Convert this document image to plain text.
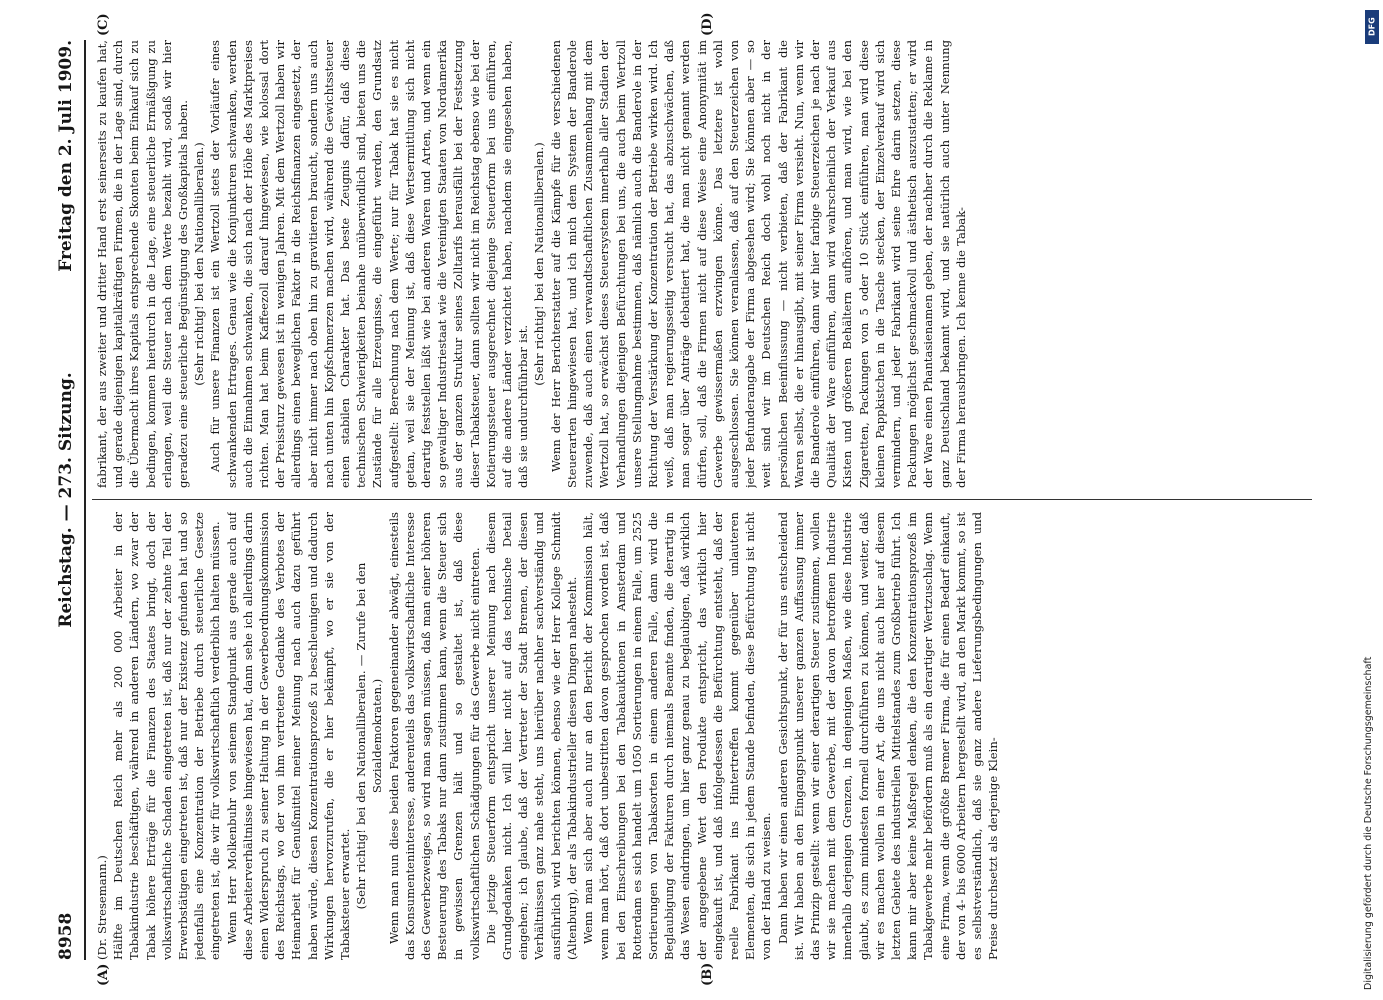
8958
Reichstag. — 273. Sitzung.
Freitag den 2. Juli 1909.
(A)	(B)
(C)	(D)

(Dr. Stresemann.) Hälfte im Deutschen Reich mehr als 200 000 Arbeiter in der Tabakindustrie beschäftigen, während in anderen Ländern, wo zwar der Tabak höhere Erträge für die Finanzen des Staates bringt, doch der volkswirtschaftliche Schaden eingetreten ist, daß nur der zehnte Teil der Erwerbstätigen eingetreten ist, daß nur der Existenz gefunden hat und so jedenfalls eine Konzentration der Betriebe durch steuerliche Gesetze eingetreten ist, die wir für volkswirtschaftlich verderblich halten müssen. Wenn Herr Molkenbuhr von seinem Standpunkt aus gerade auch auf diese Arbeiterverhältnisse hingewiesen hat, dann sehe ich allerdings darin einen Widerspruch zu seiner Haltung in der Gewerbeordnungskommission des Reichstags, wo der von ihm vertretene Gedanke des Verbotes der Heimarbeit für Genußmittel meiner Meinung nach auch dazu geführt haben würde, diesen Konzentrationsprozeß zu beschleunigen und dadurch Wirkungen hervorzurufen, die er hier bekämpft, wo er sie von der Tabaksteuer erwartet. (Sehr richtig! bei den Nationalliberalen. — Zurufe bei den Sozialdemokraten.) Wenn man nun diese beiden Faktoren gegeneinander abwägt, einesteils das Konsumenteninteresse, anderenteils das volkswirtschaftliche Interesse des Gewerbezweiges, so wird man sagen müssen, daß man einer höheren Besteuerung des Tabaks nur dann zustimmen kann, wenn die Steuer sich in gewissen Grenzen hält und so gestaltet ist, daß diese volkswirtschaftlichen Schädigungen für das Gewerbe nicht eintreten. Die jetzige Steuerform entspricht unserer Meinung nach diesem Grundgedanken nicht. Ich will hier nicht auf das technische Detail eingehen; ich glaube, daß der Vertreter der Stadt Bremen, der diesen Verhältnissen ganz nahe steht, uns hierüber nachher sachverständig und ausführlich wird berichten können, ebenso wie der Herr Kollege Schmidt (Altenburg), der als Tabakindustrieller diesen Dingen nahesteht. Wenn man sich aber auch nur an den Bericht der Kommission hält, wenn man hört, daß dort unbestritten davon gesprochen worden ist, daß bei den Einschreibungen bei den Tabakauktionen in Amsterdam und Rotterdam es sich handelt um 1050 Sortierungen in einem Falle, um 2525 Sortierungen von Tabaksorten in einem anderen Falle, dann wird die Beglaubigung der Fakturen durch niemals Beamte finden, die derartig in das Wesen eindringen, um hier ganz genau zu beglaubigen, daß wirklich der angegebene Wert den Produkte entspricht, das wirklich hier eingekauft ist, und daß infolgedessen die Befürchtung entsteht, daß der reelle Fabrikant ins Hintertreffen kommt gegenüber unlauteren Elementen, die sich in jedem Stande befinden, diese Befürchtung ist nicht von der Hand zu weisen. Dann haben wir einen anderen Gesichtspunkt, der für uns entscheidend ist. Wir haben an den Eingangspunkt unserer ganzen Auffassung immer das Prinzip gestellt: wenn wir einer derartigen Steuer zustimmen, wollen wir sie machen mit dem Gewerbe, mit der davon betroffenen Industrie innerhalb derjenigen Grenzen, in denjenigen Maßen, wie diese Industrie glaubt, es zum mindesten formell durchführen zu können, und weiter, daß wir es machen wollen in einer Art, die uns nicht auch hier auf diesem letzten Gebiete des industriellen Mittelstandes zum Großbetrieb führt. Ich kann mir aber keine Maßregel denken, die den Konzentrationsprozeß im Tabakgewerbe mehr befördern muß als ein derartiger Wertzuschlag. Wenn eine Firma, wenn die größte Bremer Firma, die für einen Bedarf einkauft, der von 4- bis 6000 Arbeitern hergestellt wird, an den Markt kommt, so ist es selbstverständlich, daß sie ganz andere Lieferungsbedingungen und Preise durchsetzt als derjenige Klein-

fabrikant, der aus zweiter und dritter Hand erst seinerseits zu kaufen hat, und gerade diejenigen kapitalkräftigen Firmen, die in der Lage sind, durch die Übermacht ihres Kapitals entsprechende Skonten beim Einkauf sich zu bedingen, kommen hierdurch in die Lage, eine steuerliche Ermäßigung zu erlangen, weil die Steuer nach dem Werte bezahlt wird, sodaß wir hier geradezu eine steuerliche Begünstigung des Großkapitals haben. (Sehr richtig! bei den Nationalliberalen.) Auch für unsere Finanzen ist ein Wertzoll stets der Vorläufer eines schwankenden Ertrages. Genau wie die Konjunkturen schwanken, werden auch die Einnahmen schwanken, die sich nach der Höhe des Marktpreises richten. Man hat beim Kaffeezoll darauf hingewiesen, wie kolossal dort der Preissturz gewesen ist in wenigen Jahren. Mit dem Wertzoll haben wir allerdings einen beweglichen Faktor in die Reichsfinanzen eingesetzt, der aber nicht immer nach oben hin zu gravitieren braucht, sondern uns auch nach unten hin Kopfschmerzen machen wird, während die Gewichtssteuer einen stabilen Charakter hat. Das beste Zeugnis dafür, daß diese technischen Schwierigkeiten beinahe unüberwindlich sind, bieten uns die Zustände für alle Erzeugnisse, die eingeführt werden, den Grundsatz aufgestellt: Berechnung nach dem Werte; nur für Tabak hat sie es nicht getan, weil sie der Meinung ist, daß diese Wertsermittlung sich nicht derartig feststellen läßt wie bei anderen Waren und Arten, und wenn ein so gewaltiger Industriestaat wie die Vereinigten Staaten von Nordamerika aus der ganzen Struktur seines Zolltarifs herausfällt bei der Festsetzung dieser Tabaksteuer, dann sollten wir nicht im Reichstag ebenso wie bei der Kotierungssteuer ausgerechnet diejenige Steuerform bei uns einführen, auf die andere Länder verzichtet haben, nachdem sie eingesehen haben, daß sie undurchführbar ist.

(Sehr richtig! bei den Nationalliberalen.) Wenn der Herr Berichterstatter auf die Kämpfe für die verschiedenen Steuerarten hingewiesen hat, und ich mich dem System der Banderole zuwende, daß auch einen verwandtschaftlichen Zusammenhang mit dem Wertzoll hat, so erwächst dieses Steuersystem innerhalb aller Stadien der Verhandlungen diejenigen Befürchtungen bei uns, die auch beim Wertzoll unsere Stellungnahme bestimmen, daß nämlich auch die Banderole in der Richtung der Verstärkung der Konzentration der Betriebe wirken wird. Ich weiß, daß man regierungsseitig versucht hat, das abzuschwächen, daß man sogar über Anträge debattiert hat, die man nicht genannt werden dürfen, soll, daß die Firmen nicht auf diese Weise eine Anonymität im Gewerbe gewissermaßen erzwingen könne. Das letztere ist wohl ausgeschlossen. Sie können veranlassen, daß auf den Steuerzeichen von jeder Befunderangabe der Firma abgesehen wird; Sie können aber — so weit sind wir im Deutschen Reich doch wohl noch nicht in der persönlichen Beeinflussung — nicht verbieten, daß der Fabrikant die Waren selbst, die er hinausgibt, mit seiner Firma versieht. Nun, wenn wir die Banderole einführen, dann wir hier farbige Steuerzeichen je nach der Qualität der Ware einführen, dann wird wahrscheinlich der Verkauf aus Kisten und größeren Behältern aufhören, und man wird, wie bei den Zigaretten, Packungen von 5 oder 10 Stück einführen, man wird diese kleinen Pappkistchen in die Tasche stecken, der Einzelverkauf wird sich vermindern, und jeder Fabrikant wird seine Ehre darin setzen, diese Packungen möglichst geschmackvoll und ästhetisch auszustatten; er wird der Ware einen Phantasienamen geben, der nachher durch die Reklame in ganz Deutschland bekannt wird, und sie natürlich auch unter Nennung der Firma herausbringen. Ich kenne die Tabak-

DFG
Digitalisierung gefördert durch die Deutsche Forschungsgemeinschaft
